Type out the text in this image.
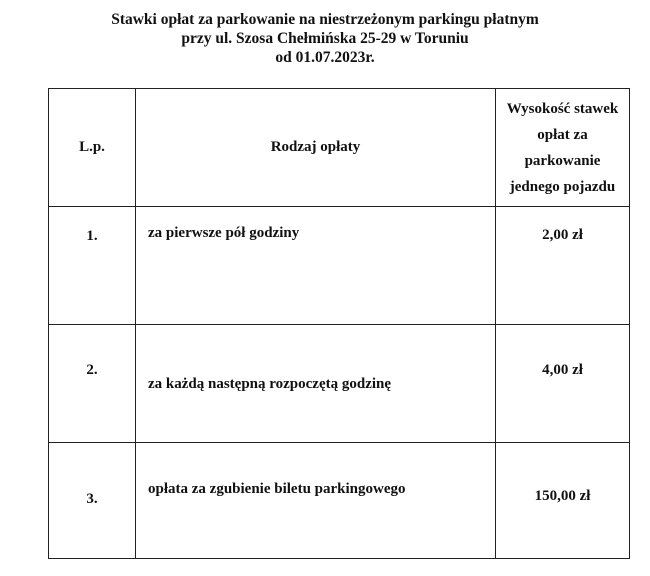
Stawki opłat za parkowanie na niestrzeżonym parkingu płatnym
przy ul. Szosa Chełmińska 25-29 w Toruniu
od 01.07.2023r.
L.p.	Rodzaj opłaty	Wysokość stawek
opłat za
parkowanie
jednego pojazdu

1.	za pierwsze pół godziny	2,00 zł

2.	za każdą następną rozpoczętą godzinę	4,00 zł

3.	opłata za zgubienie biletu parkingowego	150,00 zł
